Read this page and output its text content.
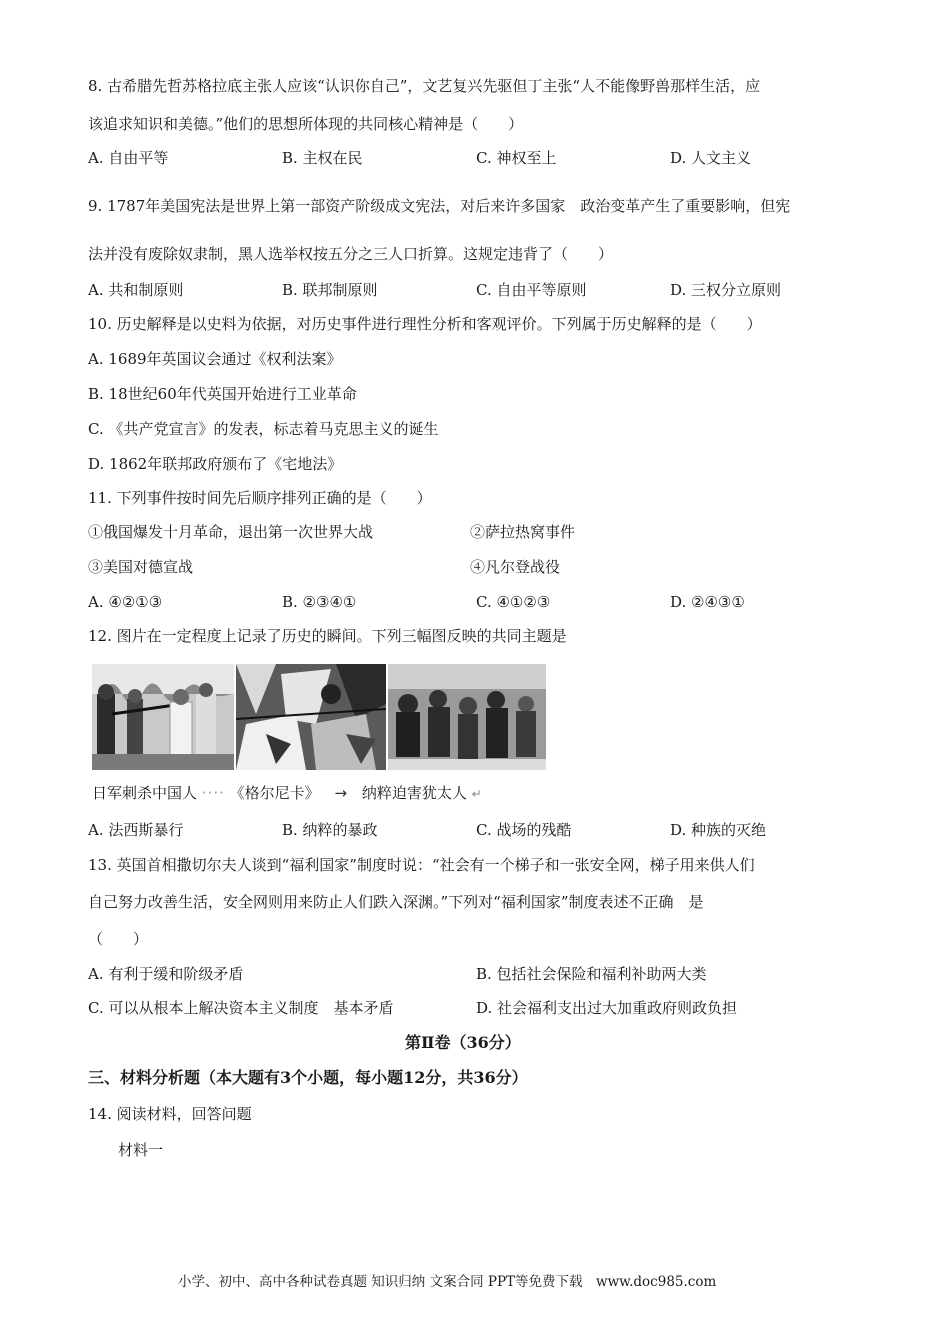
8. 古希腊先哲苏格拉底主张人应该“认识你自己”，文艺复兴先驱但丁主张“人不能像野兽那样生活，应
该追求知识和美德。”他们的思想所体现的共同核心精神是（　　）
A. 自由平等	B. 主权在民	C. 神权至上	D. 人文主义
9. 1787年美国宪法是世界上第一部资产阶级成文宪法，对后来许多国家　政治变革产生了重要影响，但宪
法并没有废除奴隶制，黑人选举权按五分之三人口折算。这规定违背了（　　）
A. 共和制原则	B. 联邦制原则	C. 自由平等原则	D. 三权分立原则
10. 历史解释是以史料为依据，对历史事件进行理性分析和客观评价。下列属于历史解释的是（　　）
A. 1689年英国议会通过《权利法案》
B. 18世纪60年代英国开始进行工业革命
C. 《共产党宣言》的发表，标志着马克思主义的诞生
D. 1862年联邦政府颁布了《宅地法》
11. 下列事件按时间先后顺序排列正确的是（　　）
①俄国爆发十月革命，退出第一次世界大战	②萨拉热窝事件
③美国对德宣战	④凡尔登战役
A. ④②①③	B. ②③④①	C. ④①②③	D. ②④③①
12. 图片在一定程度上记录了历史的瞬间。下列三幅图反映的共同主题是
日军刺杀中国人 ···· 《格尔尼卡》 → 纳粹迫害犹太人 ↵
A. 法西斯暴行	B. 纳粹的暴政	C. 战场的残酷	D. 种族的灭绝
13. 英国首相撒切尔夫人谈到“福利国家”制度时说：“社会有一个梯子和一张安全网，梯子用来供人们
自己努力改善生活，安全网则用来防止人们跌入深渊。”下列对“福利国家”制度表述不正确　是
（　　）
A. 有利于缓和阶级矛盾	B. 包括社会保险和福利补助两大类
C. 可以从根本上解决资本主义制度　基本矛盾	D. 社会福利支出过大加重政府则政负担
第Ⅱ卷（36分）
三、材料分析题（本大题有3个小题，每小题12分，共36分）
14. 阅读材料，回答问题
材料一
小学、初中、高中各种试卷真题 知识归纳 文案合同 PPT等免费下载　www.doc985.com
